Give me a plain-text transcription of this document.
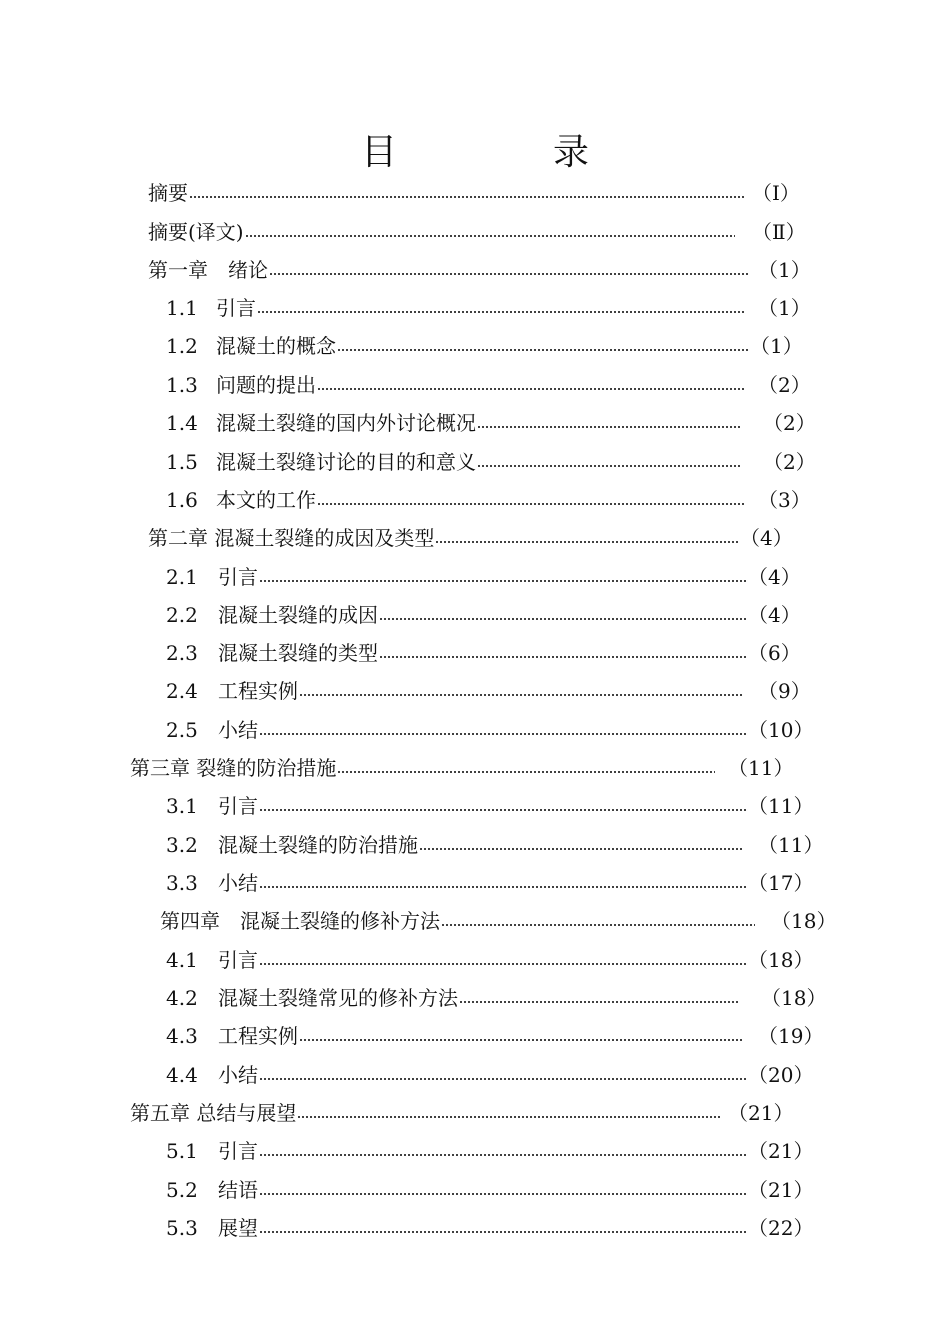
目　录
摘要	（Ⅰ）
摘要(译文)	（Ⅱ）
第一章　绪论	（1）
1.1 引言	（1）
1.2 混凝土的概念	（1）
1.3 问题的提出	（2）
1.4 混凝土裂缝的国内外讨论概况	（2）
1.5 混凝土裂缝讨论的目的和意义	（2）
1.6 本文的工作	（3）
第二章 混凝土裂缝的成因及类型	（4）
2.1 引言	（4）
2.2 混凝土裂缝的成因	（4）
2.3 混凝土裂缝的类型	（6）
2.4 工程实例	（9）
2.5 小结	（10）
第三章 裂缝的防治措施	（11）
3.1 引言	（11）
3.2 混凝土裂缝的防治措施	（11）
3.3 小结	（17）
第四章　混凝土裂缝的修补方法	（18）
4.1 引言	（18）
4.2 混凝土裂缝常见的修补方法	（18）
4.3 工程实例	（19）
4.4 小结	（20）
第五章 总结与展望	（21）
5.1 引言	（21）
5.2 结语	（21）
5.3 展望	（22）
